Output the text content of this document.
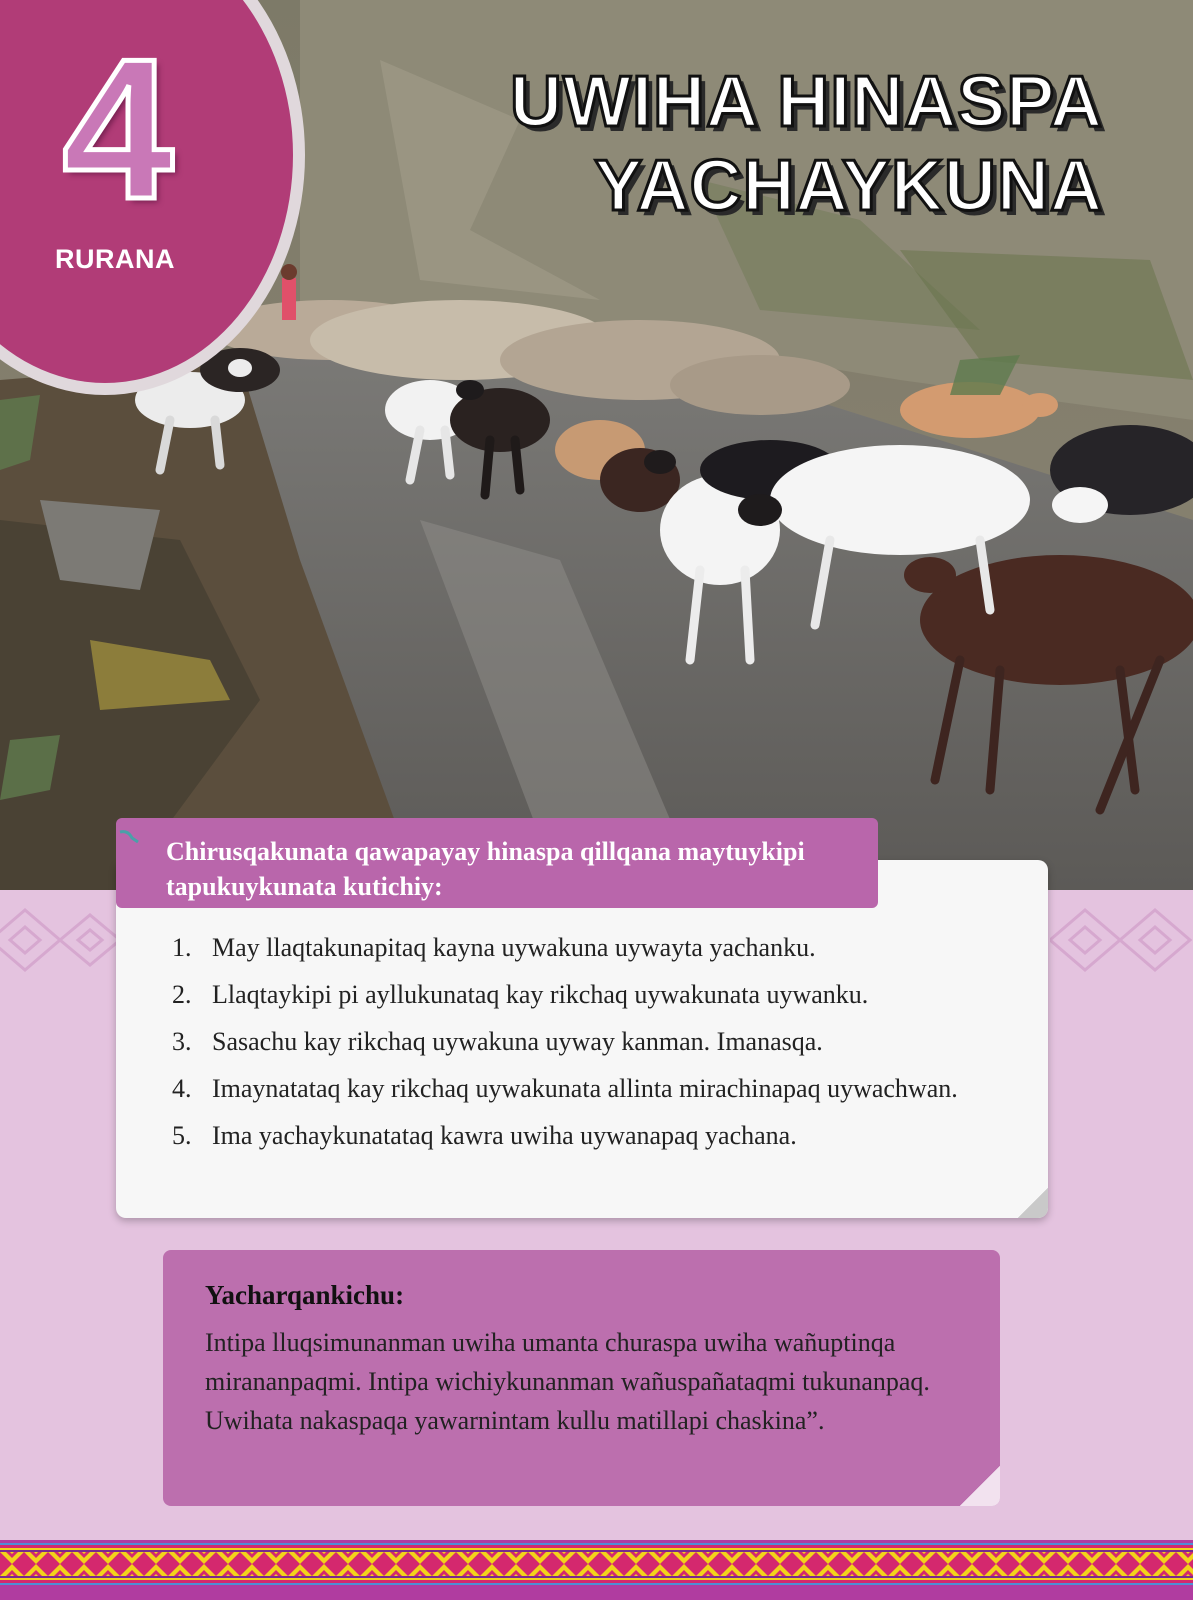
4
RURANA
UWIHA HINASPA
YACHAYKUNA
Chirusqakunata qawapayay hinaspa qillqana maytuykipi tapukuykunata kutichiy:
1. May llaqtakunapitaq kayna uywakuna uywayta yachanku.
2. Llaqtaykipi pi ayllukunataq kay rikchaq uywakunata uywanku.
3. Sasachu kay rikchaq uywakuna uyway kanman. Imanasqa.
4. Imaynatataq kay rikchaq uywakunata allinta mirachinapaq uywachwan.
5. Ima yachaykunatataq kawra uwiha uywanapaq yachana.
Yacharqankichu:
Intipa lluqsimunanman uwiha umanta churaspa uwiha wañuptinqa mirananpaqmi. Intipa wichiykunanman wañuspañataqmi tukunanpaq. Uwihata nakaspaqa yawarnintam kullu matillapi chaskina”.
